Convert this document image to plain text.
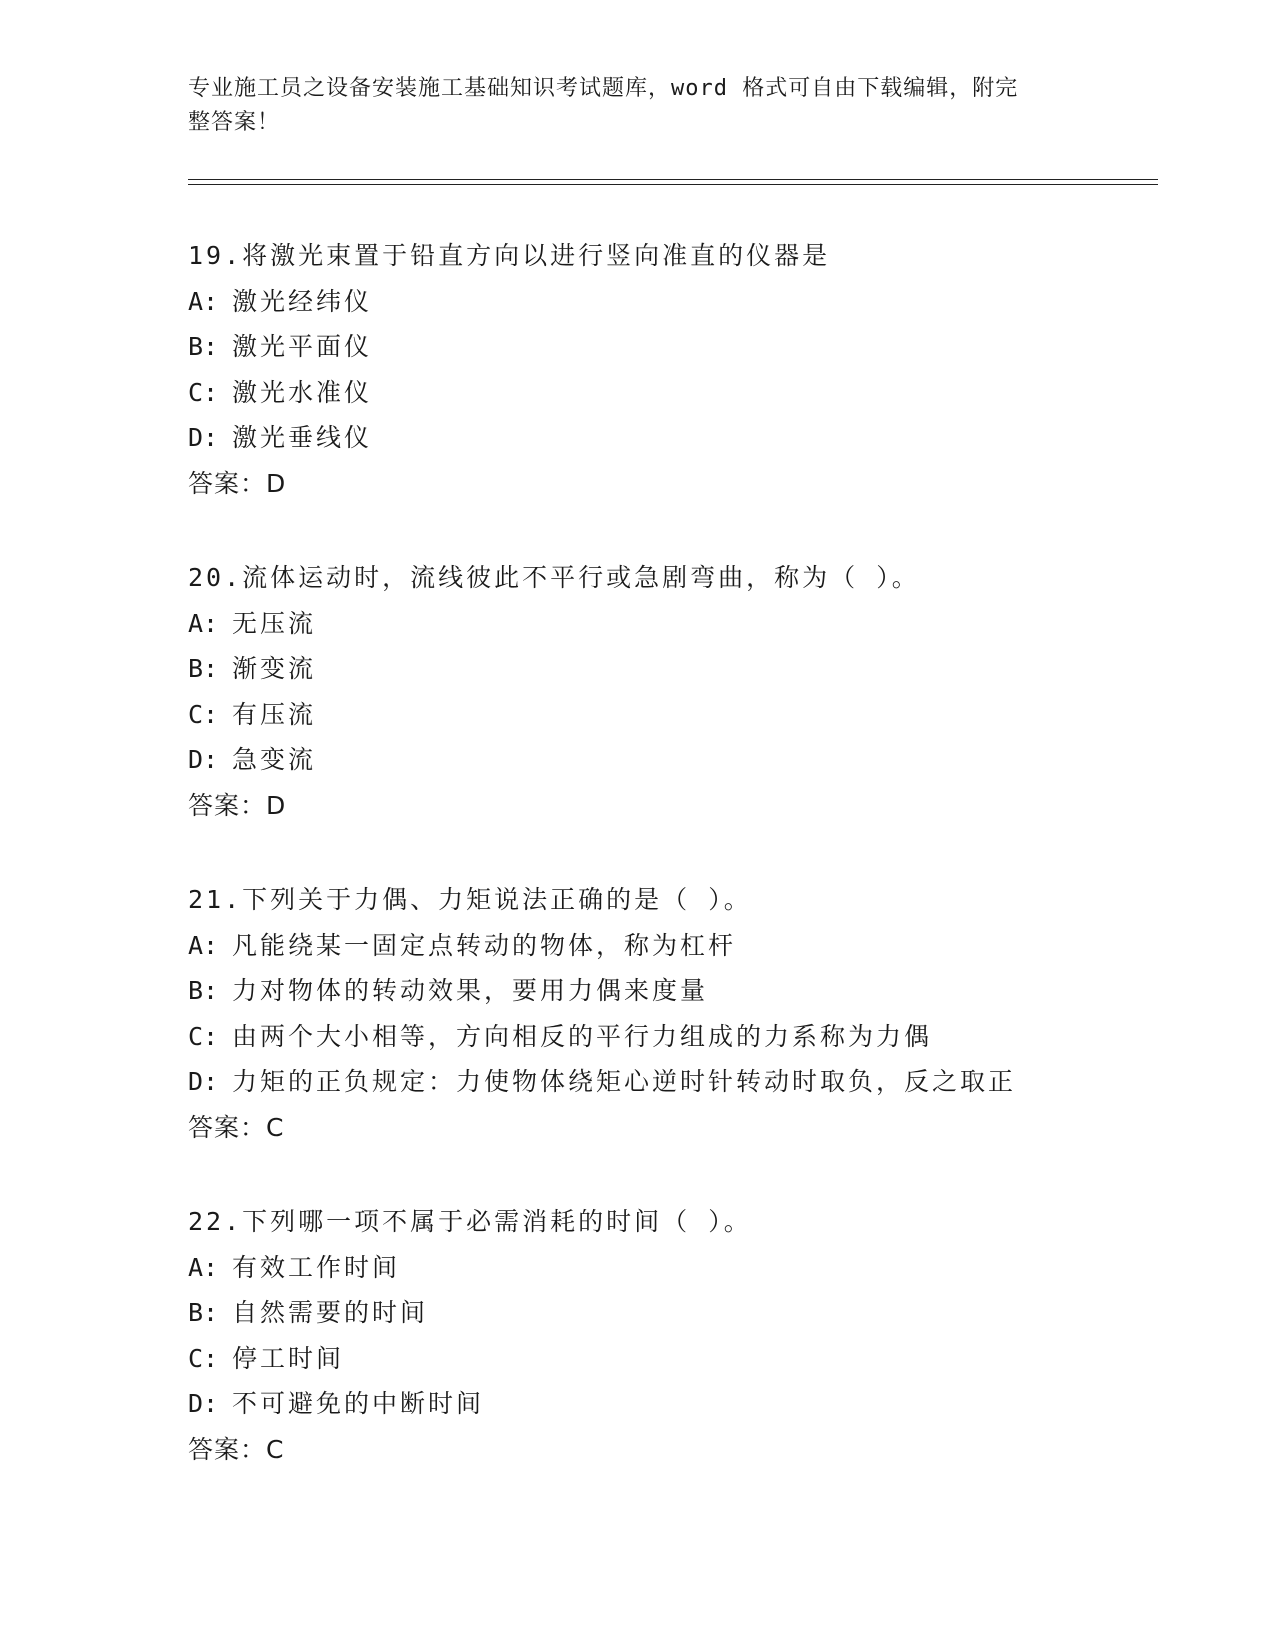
专业施工员之设备安装施工基础知识考试题库，word 格式可自由下载编辑，附完
整答案！
19.将激光束置于铅直方向以进行竖向准直的仪器是
A: 激光经纬仪
B: 激光平面仪
C: 激光水准仪
D: 激光垂线仪
答案：D
20.流体运动时，流线彼此不平行或急剧弯曲，称为（ ）。
A: 无压流
B: 渐变流
C: 有压流
D: 急变流
答案：D
21.下列关于力偶、力矩说法正确的是（ ）。
A: 凡能绕某一固定点转动的物体，称为杠杆
B: 力对物体的转动效果，要用力偶来度量
C: 由两个大小相等，方向相反的平行力组成的力系称为力偶
D: 力矩的正负规定：力使物体绕矩心逆时针转动时取负，反之取正
答案：C
22.下列哪一项不属于必需消耗的时间（ ）。
A: 有效工作时间
B: 自然需要的时间
C: 停工时间
D: 不可避免的中断时间
答案：C
